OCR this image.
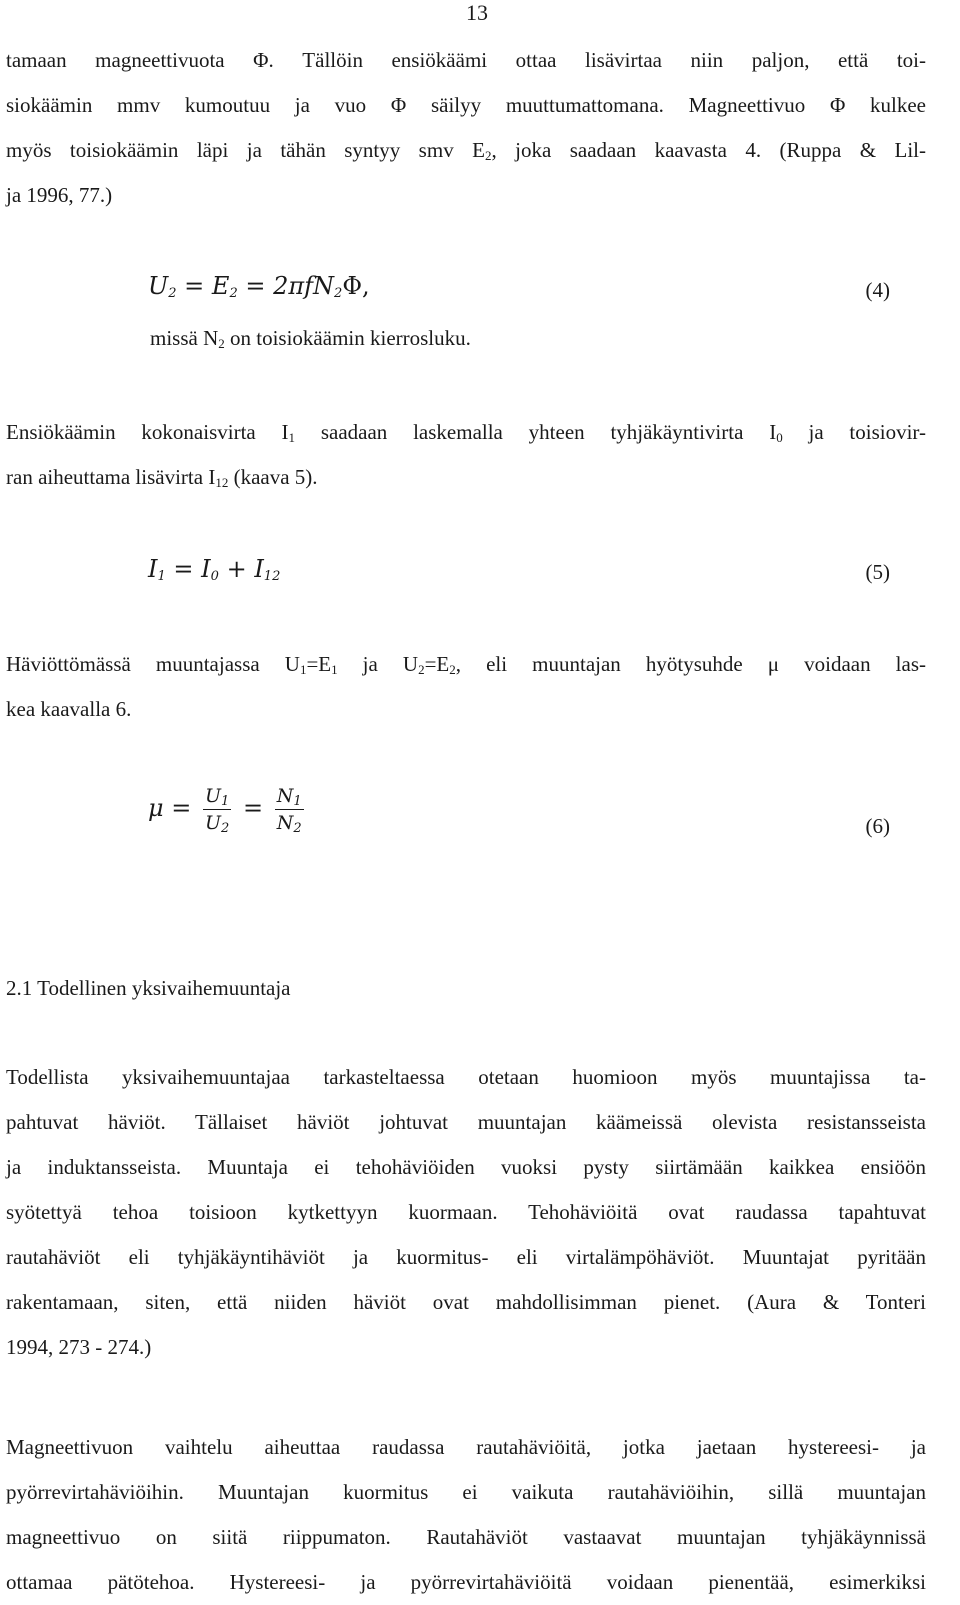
13
tamaan magneettivuota Φ. Tällöin ensiökäämi ottaa lisävirtaa niin paljon, että toi-
siokäämin mmv kumoutuu ja vuo Φ säilyy muuttumattomana. Magneettivuo Φ kulkee
myös toisiokäämin läpi ja tähän syntyy smv $E_2$, joka saadaan kaavasta 4. (Ruppa & Lil-
ja 1996, 77.)
$U_2 = E_2 = 2\pi fN_2\Phi$,	(4)
missä $N_2$ on toisiokäämin kierrosluku.
Ensiökäämin kokonaisvirta $I_1$ saadaan laskemalla yhteen tyhjäkäyntivirta $I_0$ ja toisiovir-
ran aiheuttama lisävirta $I_{12}$ (kaava 5).
$I_1 = I_0 + I_{12}$	(5)
Häviöttömässä muuntajassa $U_1=E_1$ ja $U_2=E_2$, eli muuntajan hyötysuhde μ voidaan las-
kea kaavalla 6.
$\mu = \frac{U_1}{U_2} = \frac{N_1}{N_2}$	(6)
2.1 Todellinen yksivaihemuuntaja
Todellista yksivaihemuuntajaa tarkasteltaessa otetaan huomioon myös muuntajissa ta-
pahtuvat häviöt. Tällaiset häviöt johtuvat muuntajan käämeissä olevista resistansseista
ja induktansseista. Muuntaja ei tehohäviöiden vuoksi pysty siirtämään kaikkea ensiöön
syötettyä tehoa toisioon kytkettyyn kuormaan. Tehohäviöitä ovat raudassa tapahtuvat
rautahäviöt eli tyhjäkäyntihäviöt ja kuormitus- eli virtalämpöhäviöt. Muuntajat pyritään
rakentamaan, siten, että niiden häviöt ovat mahdollisimman pienet. (Aura & Tonteri
1994, 273 - 274.)
Magneettivuon vaihtelu aiheuttaa raudassa rautahäviöitä, jotka jaetaan hystereesi- ja
pyörrevirtahäviöihin. Muuntajan kuormitus ei vaikuta rautahäviöihin, sillä muuntajan
magneettivuo on siitä riippumaton. Rautahäviöt vastaavat muuntajan tyhjäkäynnissä
ottamaa pätötehoa. Hystereesi- ja pyörrevirtahäviöitä voidaan pienentää, esimerkiksi
